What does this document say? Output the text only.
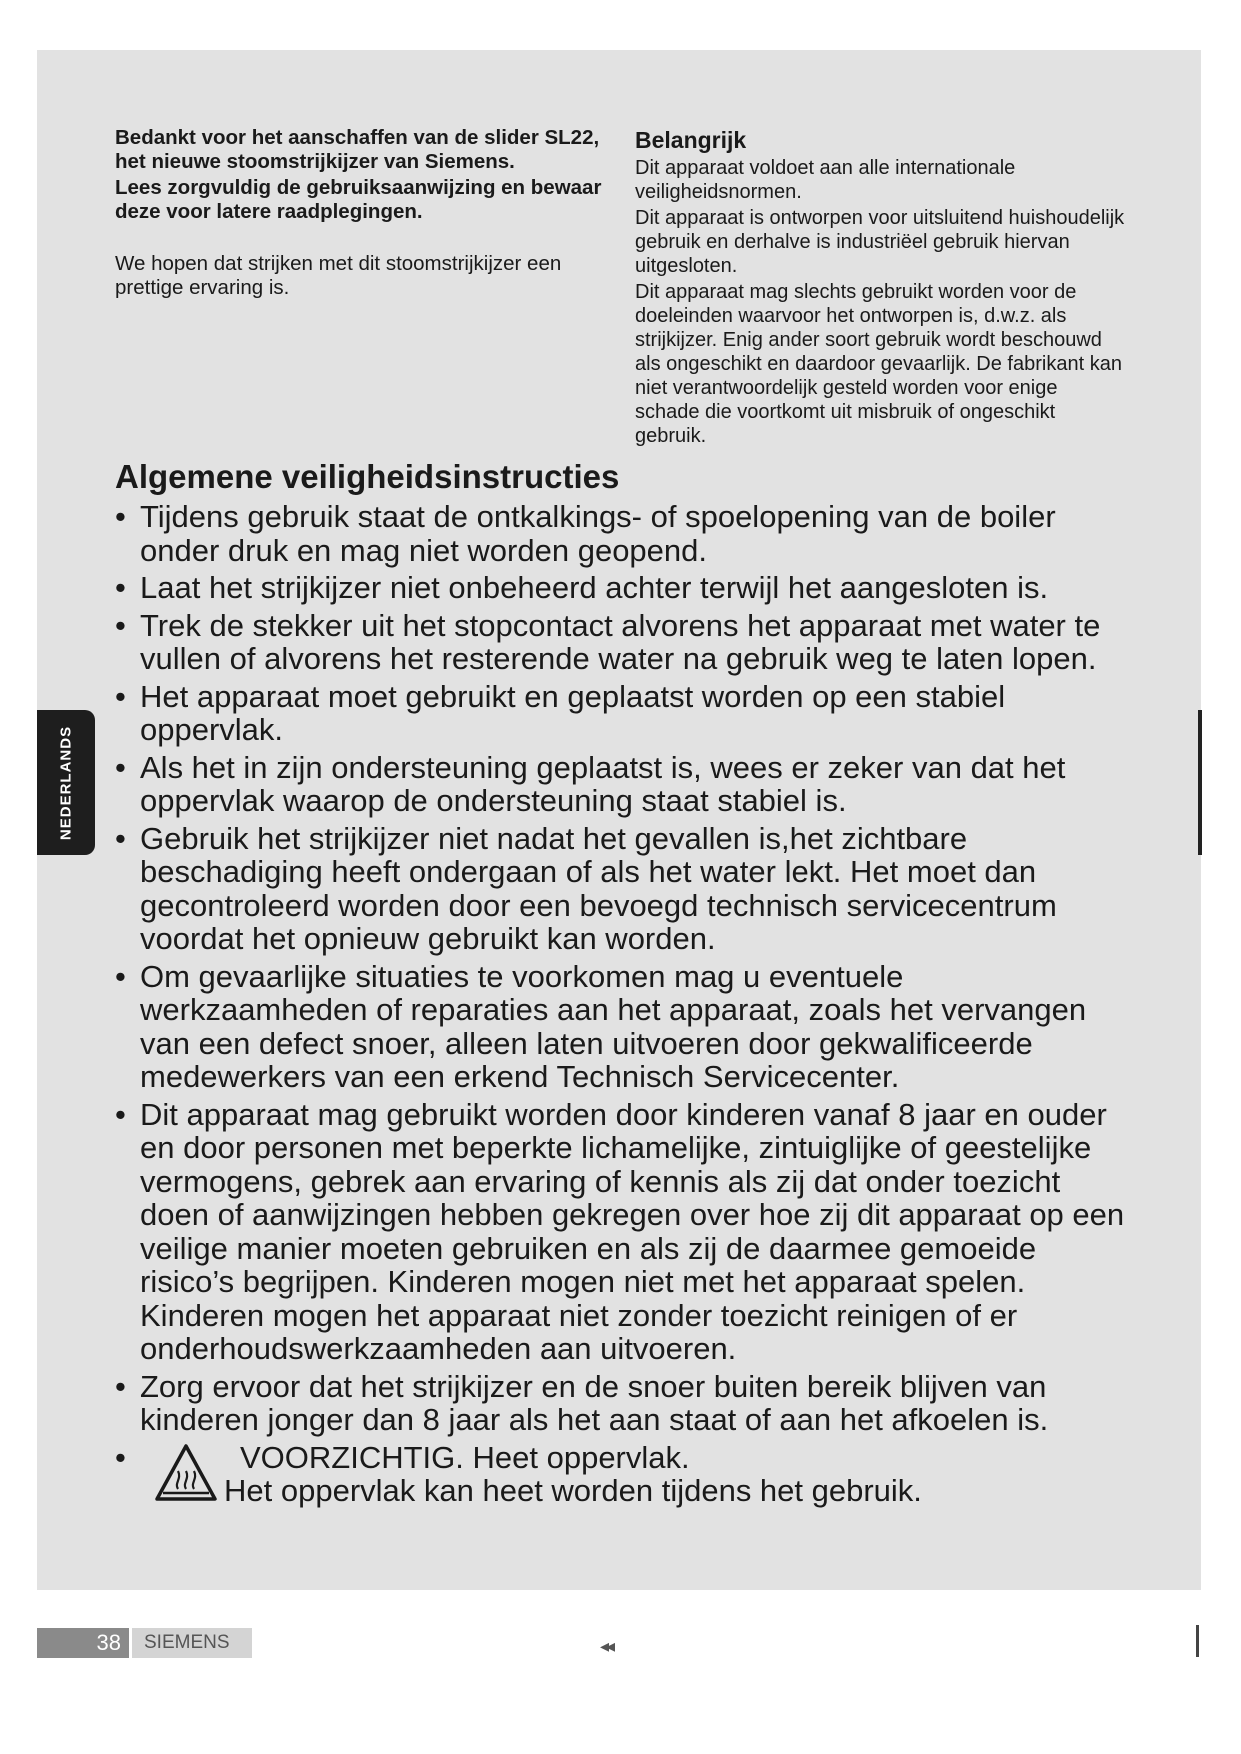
Bedankt voor het aanschaffen van de slider SL22, het nieuwe stoomstrijkijzer van Siemens.

Lees zorgvuldig de gebruiksaanwijzing en bewaar deze voor latere raadplegingen.

We hopen dat strijken met dit stoomstrijkijzer een prettige ervaring is.

Belangrijk

Dit apparaat voldoet aan alle internationale veiligheidsnormen.

Dit apparaat is ontworpen voor uitsluitend huishoudelijk gebruik en derhalve is industriëel gebruik hiervan uitgesloten.

Dit apparaat mag slechts gebruikt worden voor de doeleinden waarvoor het ontworpen is, d.w.z. als strijkijzer. Enig ander soort gebruik wordt beschouwd als ongeschikt en daardoor gevaarlijk. De fabrikant kan niet verantwoordelijk gesteld worden voor enige schade die voortkomt uit misbruik of ongeschikt gebruik.

Algemene veiligheidsinstructies
• Tijdens gebruik staat de ontkalkings- of spoelopening van de boiler onder druk en mag niet worden geopend.
• Laat het strijkijzer niet onbeheerd achter terwijl het aangesloten is.
• Trek de stekker uit het stopcontact alvorens het apparaat met water te vullen of alvorens het resterende water na gebruik weg te laten lopen.
• Het apparaat moet gebruikt en geplaatst worden op een stabiel oppervlak.
• Als het in zijn ondersteuning geplaatst is, wees er zeker van dat het oppervlak waarop de ondersteuning staat stabiel is.
• Gebruik het strijkijzer niet nadat het gevallen is,het zichtbare beschadiging heeft ondergaan of als het water lekt. Het moet dan gecontroleerd worden door een bevoegd technisch servicecentrum voordat het opnieuw gebruikt kan worden.
• Om gevaarlijke situaties te voorkomen mag u eventuele werkzaamheden of reparaties aan het apparaat, zoals het vervangen van een defect snoer, alleen laten uitvoeren door gekwalificeerde medewerkers van een erkend Technisch Servicecenter.
• Dit apparaat mag gebruikt worden door kinderen vanaf 8 jaar en ouder en door personen met beperkte lichamelijke, zintuiglijke of geestelijke vermogens, gebrek aan ervaring of kennis als zij dat onder toezicht doen of aanwijzingen hebben gekregen over hoe zij dit apparaat op een veilige manier moeten gebruiken en als zij de daarmee gemoeide risico’s begrijpen. Kinderen mogen niet met het apparaat spelen. Kinderen mogen het apparaat niet zonder toezicht reinigen of er onderhoudswerkzaamheden aan uitvoeren.
• Zorg ervoor dat het strijkijzer en de snoer buiten bereik blijven van kinderen jonger dan 8 jaar als het aan staat of aan het afkoelen is.
•	VOORZICHTIG. Heet oppervlak.
Het oppervlak kan heet worden tijdens het gebruik.
NEDERLANDS
38	SIEMENS	◂◂
